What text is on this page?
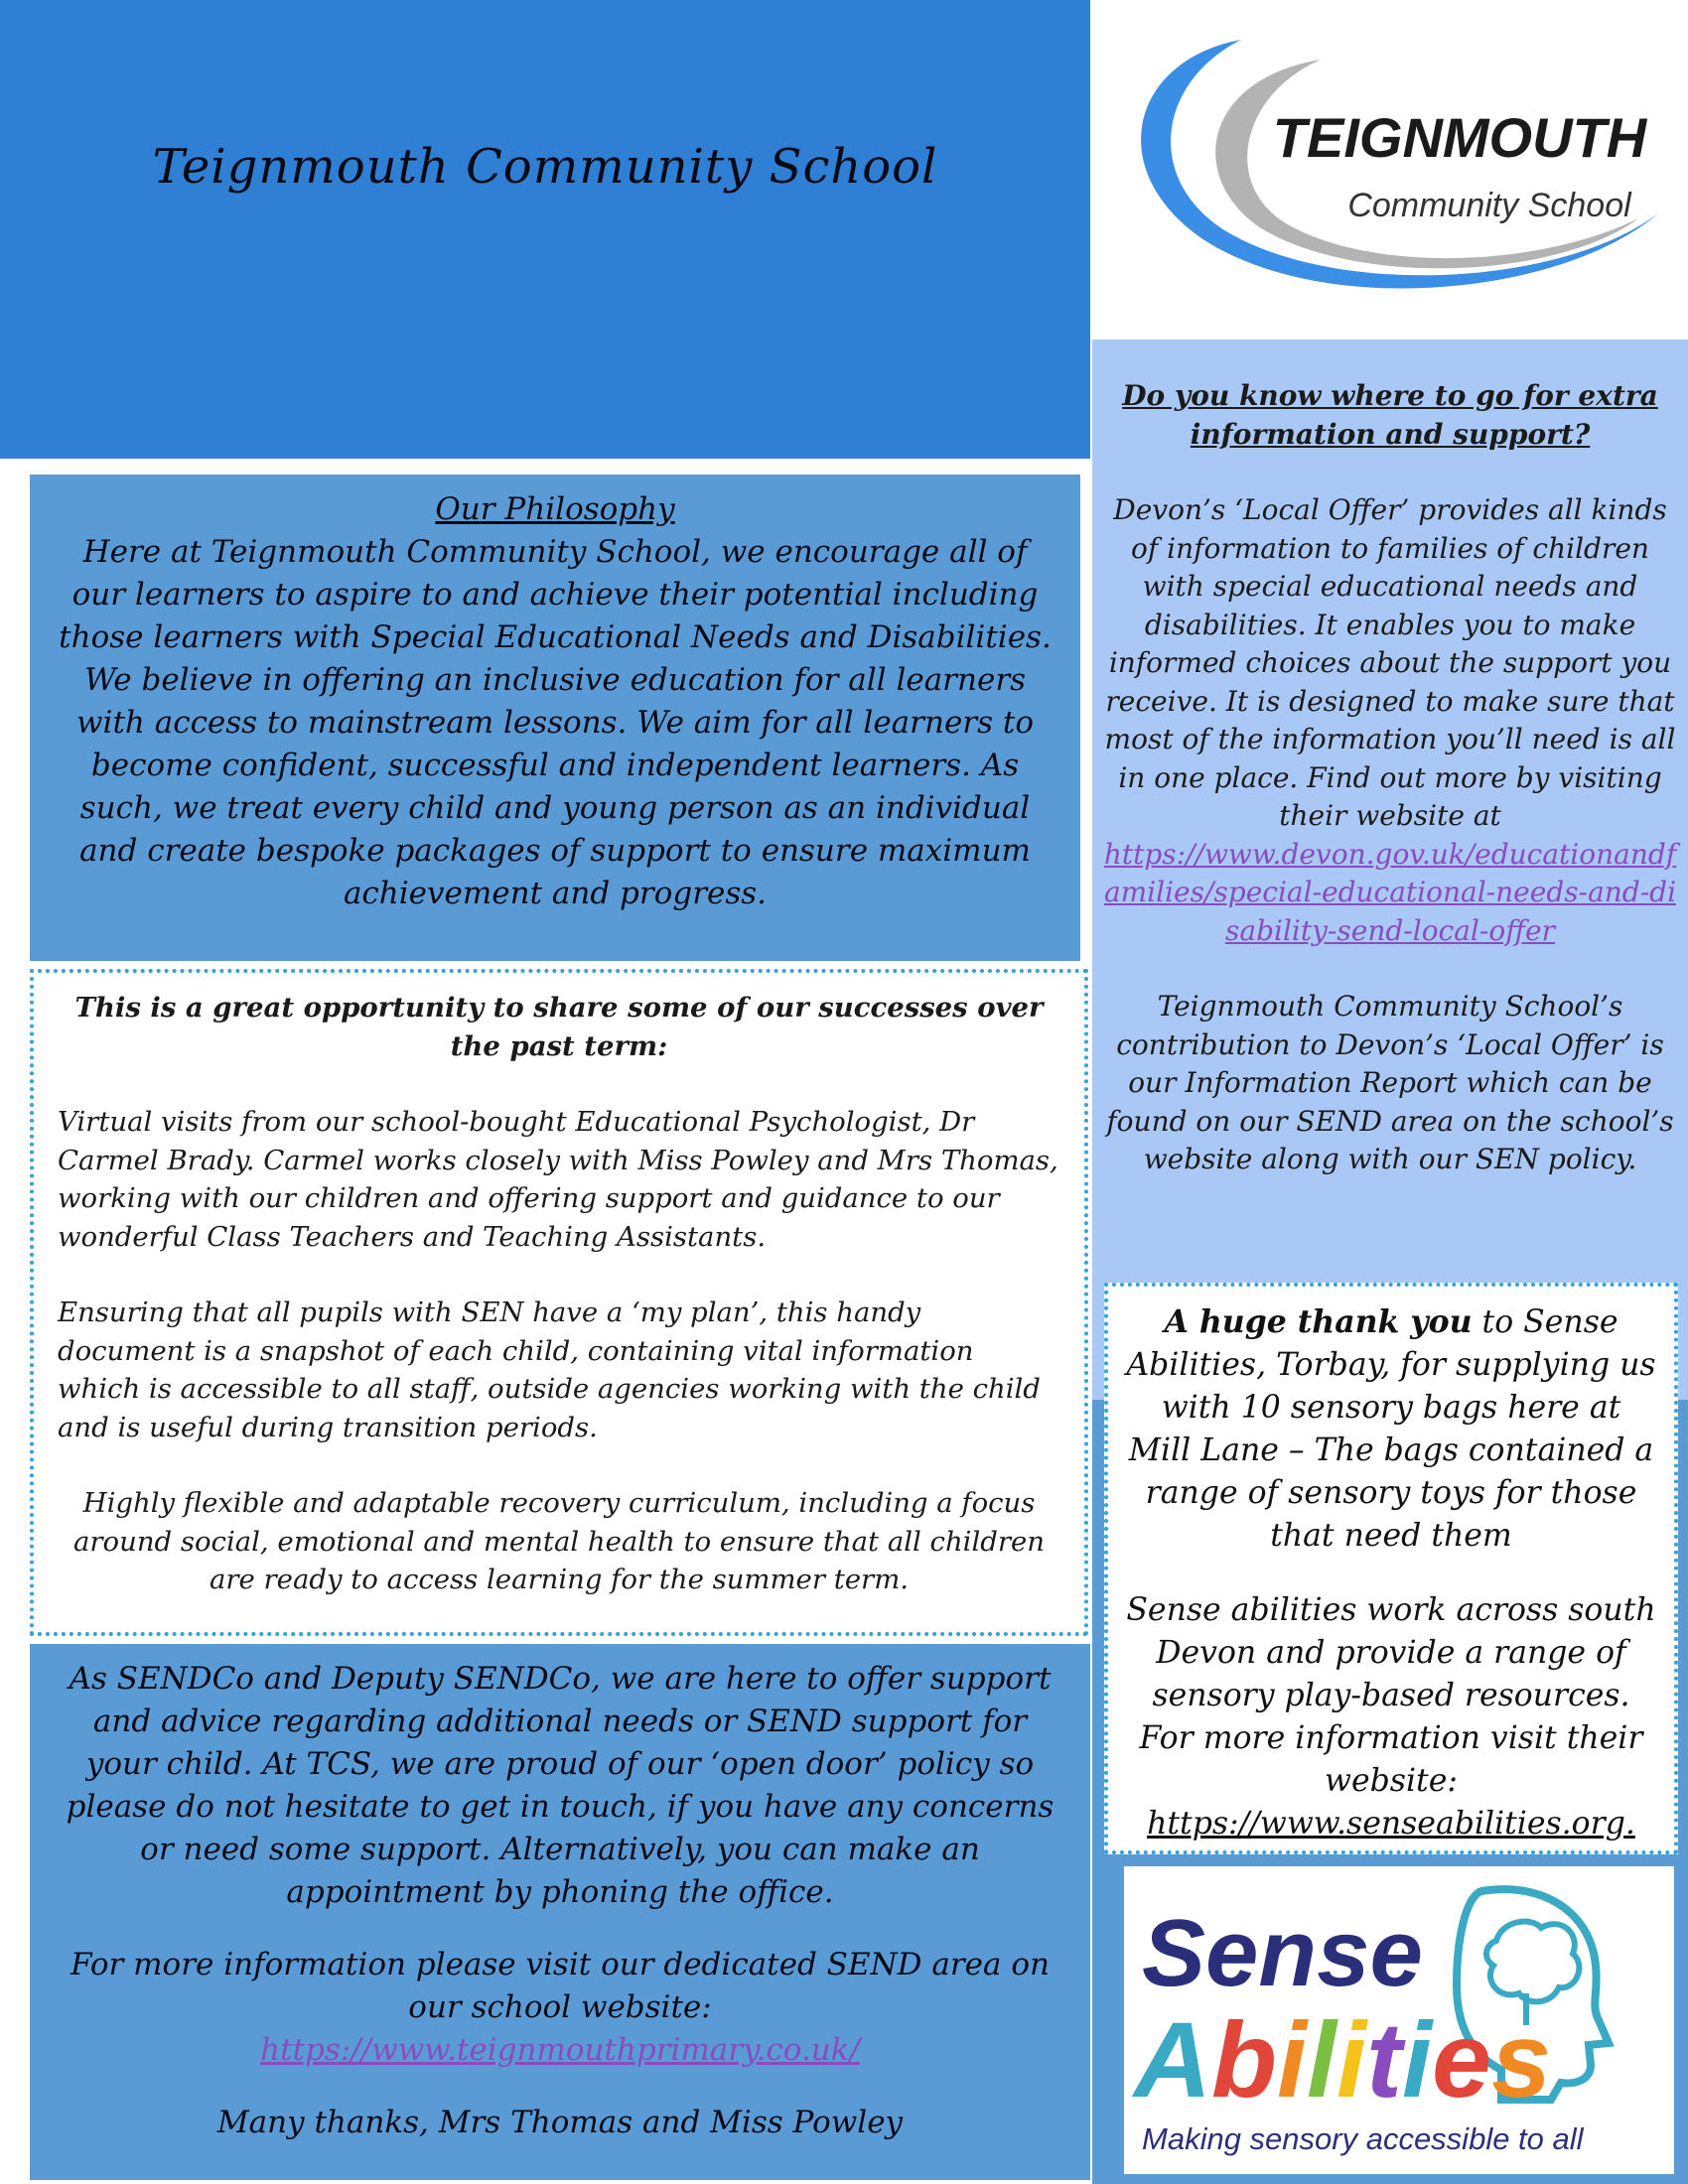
Teignmouth Community School	TEIGNMOUTH
Community School
Do you know where to go for extra information and support?
Devon’s ‘Local Offer’ provides all kinds of information to families of children with special educational needs and disabilities. It enables you to make informed choices about the support you receive. It is designed to make sure that most of the information you’ll need is all in one place. Find out more by visiting their website at
https://www.devon.gov.uk/educationandfamilies/special-educational-needs-and-disability-send-local-offer
Teignmouth Community School’s contribution to Devon’s ‘Local Offer’ is our Information Report which can be found on our SEND area on the school’s website along with our SEN policy.
Our Philosophy
Here at Teignmouth Community School, we encourage all of our learners to aspire to and achieve their potential including those learners with Special Educational Needs and Disabilities. We believe in offering an inclusive education for all learners with access to mainstream lessons. We aim for all learners to become confident, successful and independent learners. As such, we treat every child and young person as an individual and create bespoke packages of support to ensure maximum achievement and progress.
This is a great opportunity to share some of our successes over the past term:
Virtual visits from our school-bought Educational Psychologist, Dr Carmel Brady. Carmel works closely with Miss Powley and Mrs Thomas, working with our children and offering support and guidance to our wonderful Class Teachers and Teaching Assistants.
Ensuring that all pupils with SEN have a ‘my plan’, this handy document is a snapshot of each child, containing vital information which is accessible to all staff, outside agencies working with the child and is useful during transition periods.
Highly flexible and adaptable recovery curriculum, including a focus around social, emotional and mental health to ensure that all children are ready to access learning for the summer term.
As SENDCo and Deputy SENDCo, we are here to offer support and advice regarding additional needs or SEND support for your child. At TCS, we are proud of our ‘open door’ policy so please do not hesitate to get in touch, if you have any concerns or need some support. Alternatively, you can make an appointment by phoning the office.
For more information please visit our dedicated SEND area on our school website:
https://www.teignmouthprimary.co.uk/
Many thanks, Mrs Thomas and Miss Powley
A huge thank you to Sense Abilities, Torbay, for supplying us with 10 sensory bags here at Mill Lane – The bags contained a range of sensory toys for those that need them
Sense abilities work across south Devon and provide a range of sensory play-based resources. For more information visit their website:
https://www.senseabilities.org.
Sense
Abilities
Making sensory accessible to all
